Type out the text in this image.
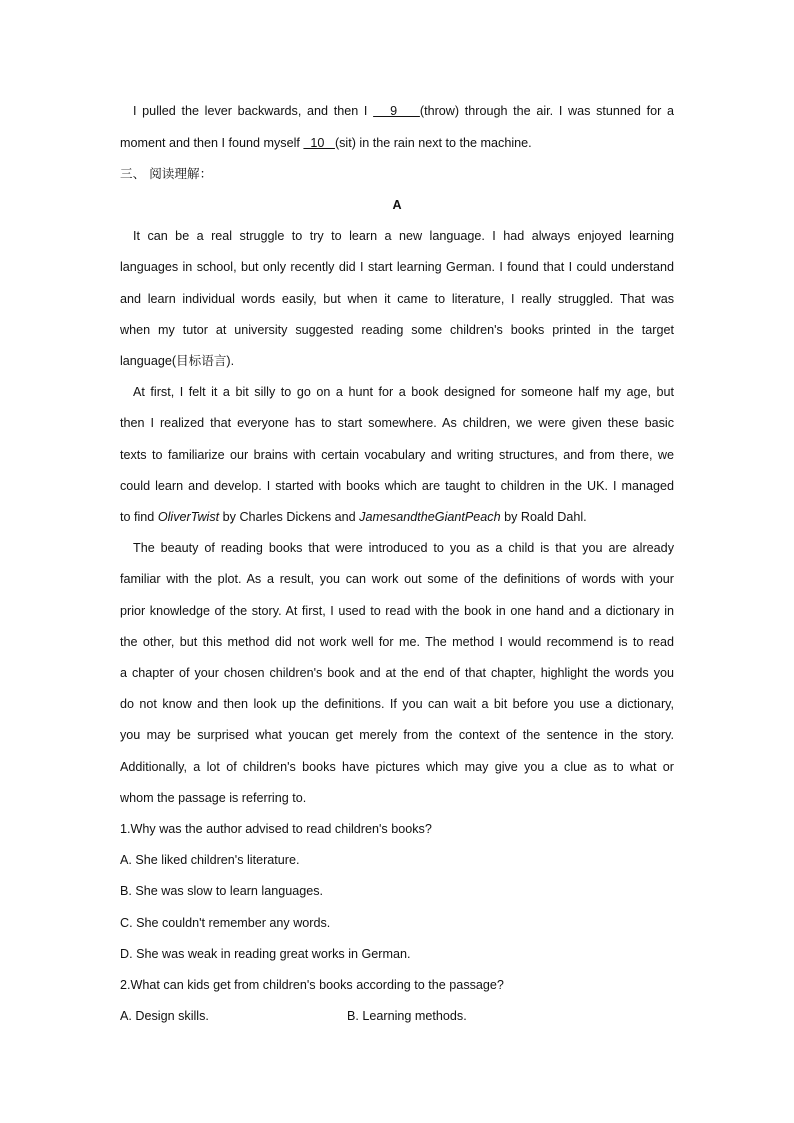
I pulled the lever backwards, and then I    9    (throw) through the air. I was stunned for a
moment and then I found myself   10   (sit) in the rain next to the machine.
三、 阅读理解：
A
It can be a real struggle to try to learn a new language. I had always enjoyed learning
languages in school, but only recently did I start learning German. I found that I could understand
and learn individual words easily, but when it came to literature, I really struggled. That was
when my tutor at university suggested reading some children's books printed in the target
language(目标语言).
At first, I felt it a bit silly to go on a hunt for a book designed for someone half my age, but
then I realized that everyone has to start somewhere. As children, we were given these basic
texts to familiarize our brains with certain vocabulary and writing structures, and from there, we
could learn and develop. I started with books which are taught to children in the UK. I managed
to find OliverTwist by Charles Dickens and JamesandtheGiantPeach by Roald Dahl.
The beauty of reading books that were introduced to you as a child is that you are already
familiar with the plot. As a result, you can work out some of the definitions of words with your
prior knowledge of the story. At first, I used to read with the book in one hand and a dictionary in
the other, but this method did not work well for me. The method I would recommend is to read
a chapter of your chosen children's book and at the end of that chapter, highlight the words you
do not know and then look up the definitions. If you can wait a bit before you use a dictionary,
you may be surprised what youcan get merely from the context of the sentence in the story.
Additionally, a lot of children's books have pictures which may give you a clue as to what or
whom the passage is referring to.
1.Why was the author advised to read children's books?
A. She liked children's literature.
B. She was slow to learn languages.
C. She couldn't remember any words.
D. She was weak in reading great works in German.
2.What can kids get from children's books according to the passage?
A. Design skills.	B. Learning methods.
